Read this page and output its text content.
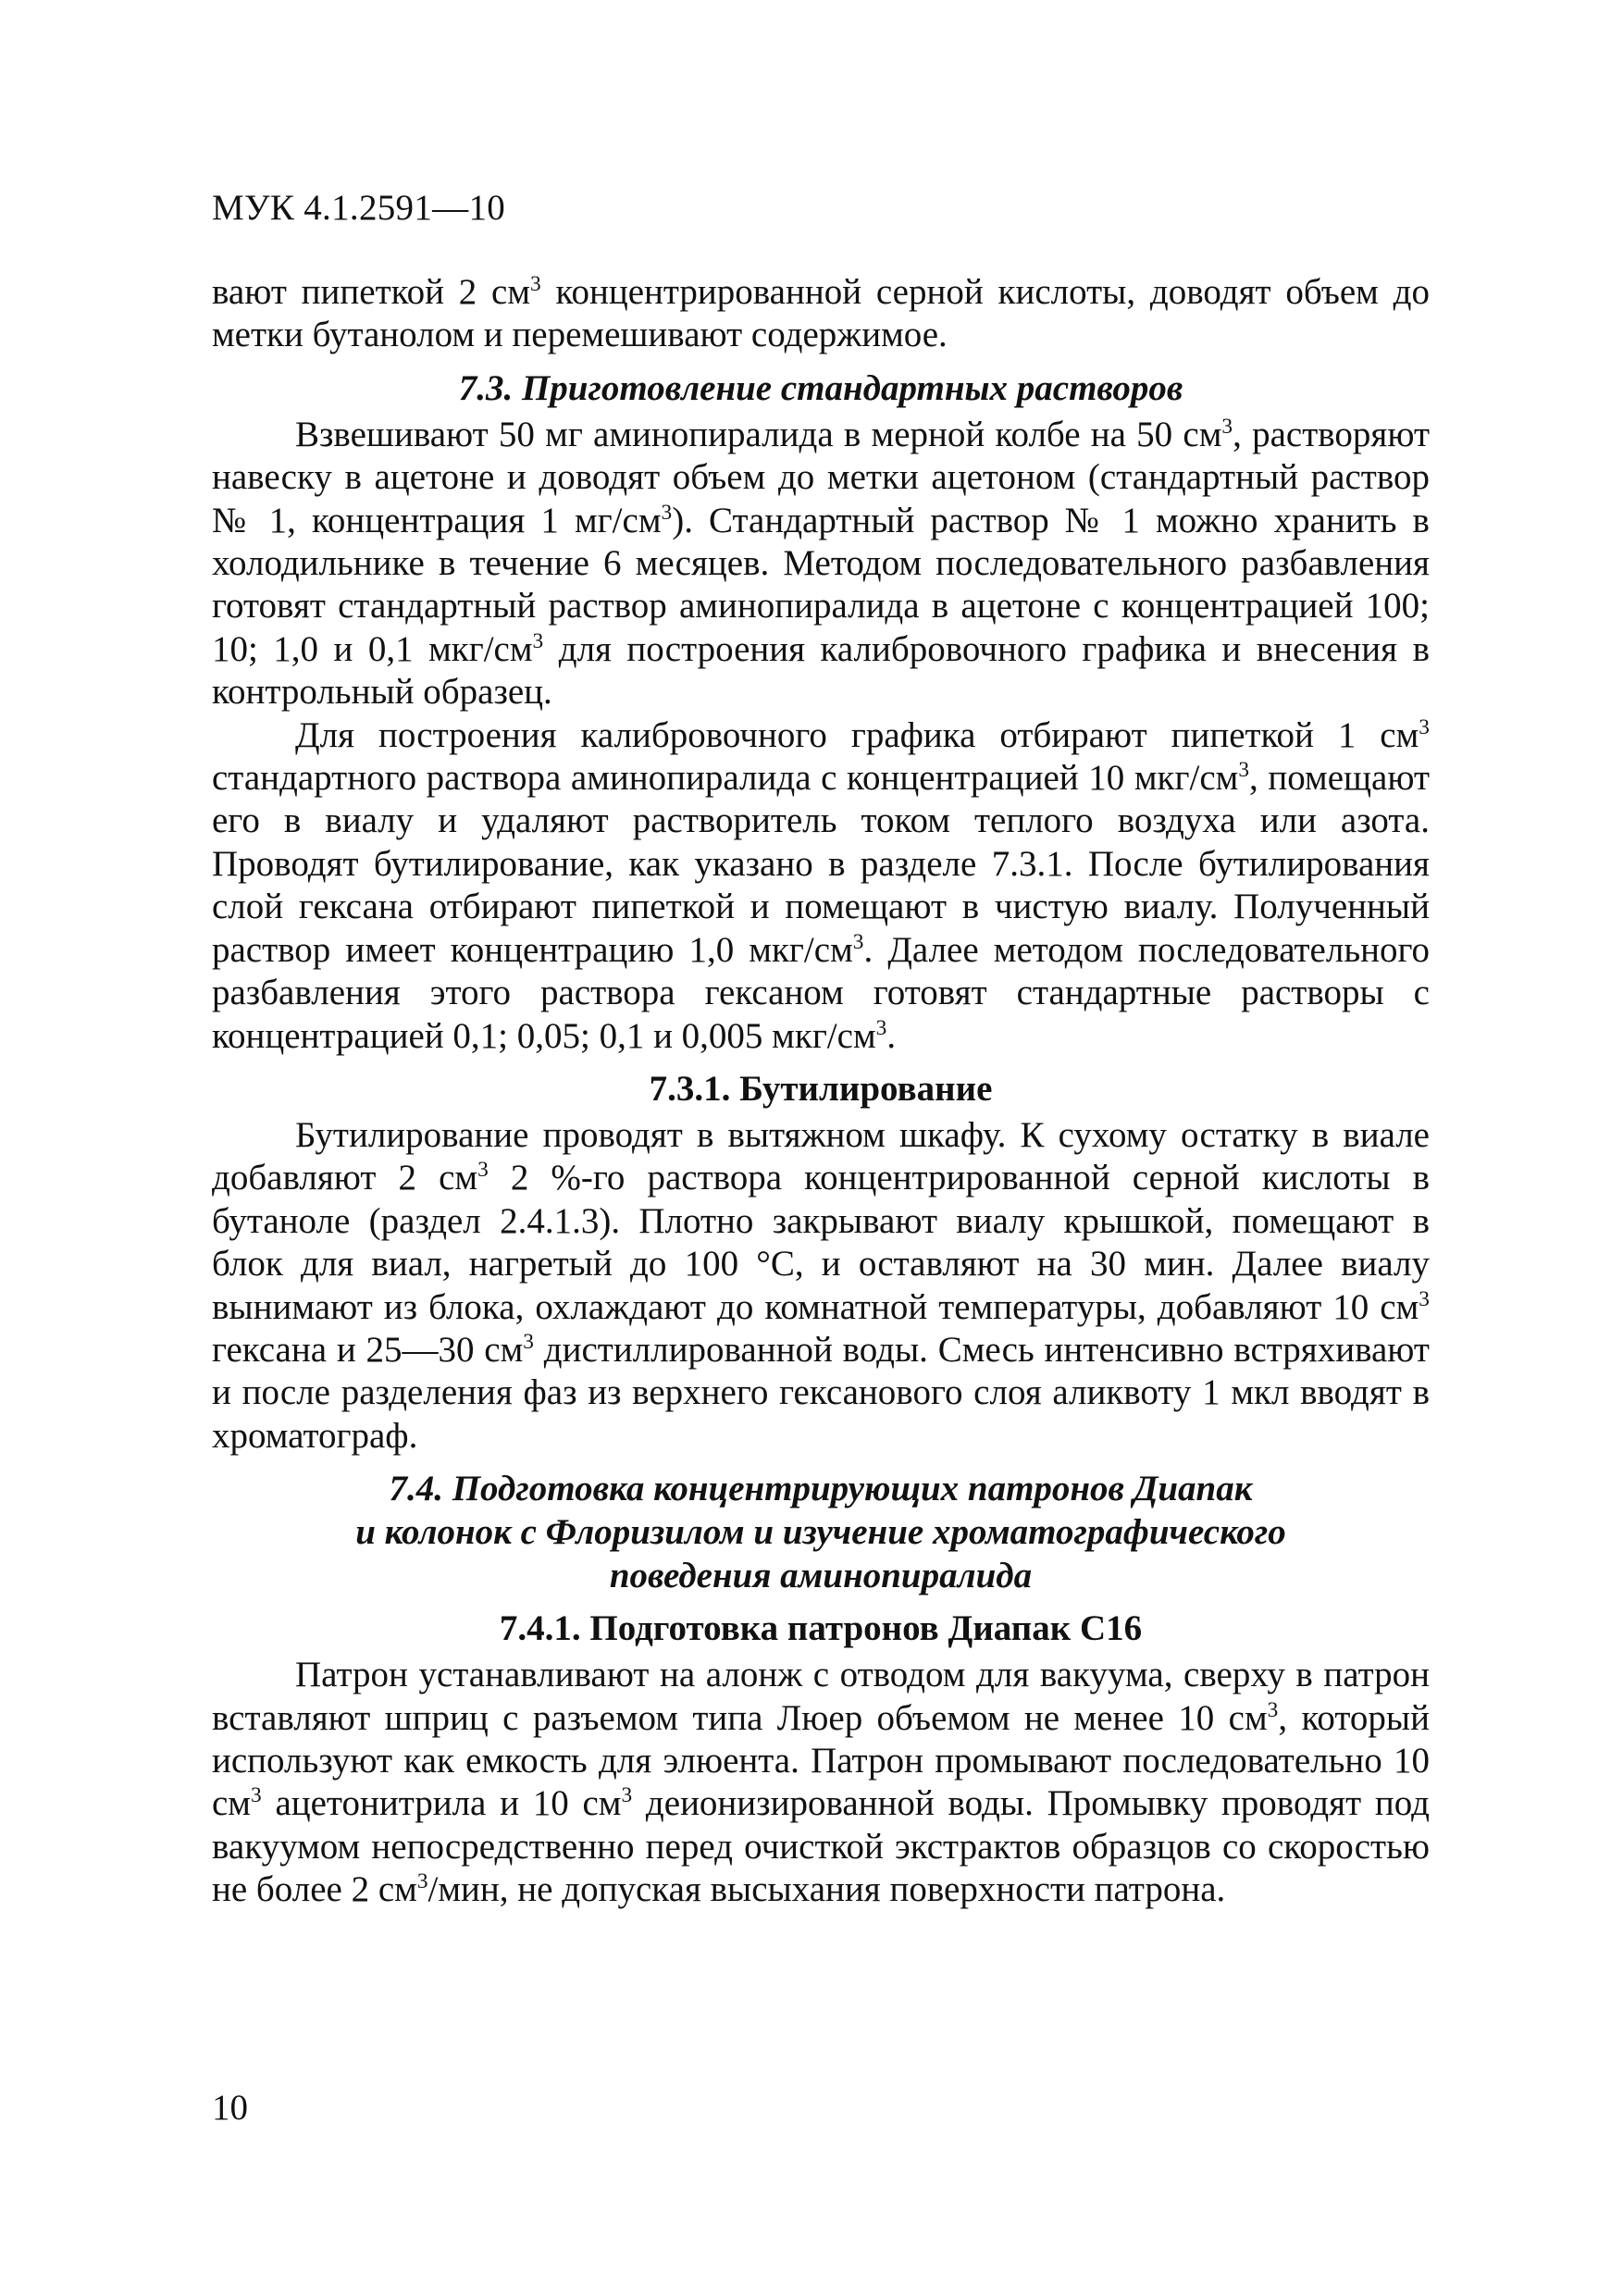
МУК 4.1.2591—10

вают пипеткой 2 $см^3$ концентрированной серной кислоты, доводят объем до метки бутанолом и перемешивают содержимое.

7.3. Приготовление стандартных растворов

Взвешивают 50 мг аминопиралида в мерной колбе на 50 $см^3$, растворяют навеску в ацетоне и доводят объем до метки ацетоном (стандартный раствор № 1, концентрация 1 $мг/см^3$). Стандартный раствор № 1 можно хранить в холодильнике в течение 6 месяцев. Методом последовательного разбавления готовят стандартный раствор аминопиралида в ацетоне с концентрацией 100; 10; 1,0 и 0,1 мкг/$см^3$ для построения калибровочного графика и внесения в контрольный образец.

Для построения калибровочного графика отбирают пипеткой 1 $см^3$ стандартного раствора аминопиралида с концентрацией 10 мкг/$см^3$, помещают его в виалу и удаляют растворитель током теплого воздуха или азота. Проводят бутилирование, как указано в разделе 7.3.1. После бутилирования слой гексана отбирают пипеткой и помещают в чистую виалу. Полученный раствор имеет концентрацию 1,0 мкг/$см^3$. Далее методом последовательного разбавления этого раствора гексаном готовят стандартные растворы с концентрацией 0,1; 0,05; 0,1 и 0,005 мкг/$см^3$.

7.3.1. Бутилирование

Бутилирование проводят в вытяжном шкафу. К сухому остатку в виале добавляют 2 $см^3$ 2 %-го раствора концентрированной серной кислоты в бутаноле (раздел 2.4.1.3). Плотно закрывают виалу крышкой, помещают в блок для виал, нагретый до 100 °С, и оставляют на 30 мин. Далее виалу вынимают из блока, охлаждают до комнатной температуры, добавляют 10 $см^3$ гексана и 25—30 $см^3$ дистиллированной воды. Смесь интенсивно встряхивают и после разделения фаз из верхнего гексанового слоя аликвоту 1 мкл вводят в хроматограф.

7.4. Подготовка концентрирующих патронов Диапак
и колонок с Флоризилом и изучение хроматографического
поведения аминопиралида
7.4.1. Подготовка патронов Диапак С16

Патрон устанавливают на алонж с отводом для вакуума, сверху в патрон вставляют шприц с разъемом типа Люер объемом не менее 10 $см^3$, который используют как емкость для элюента. Патрон промывают последовательно 10 $см^3$ ацетонитрила и 10 $см^3$ деионизированной воды. Промывку проводят под вакуумом непосредственно перед очисткой экстрактов образцов со скоростью не более 2 $см^3$/мин, не допуская высыхания поверхности патрона.

10
